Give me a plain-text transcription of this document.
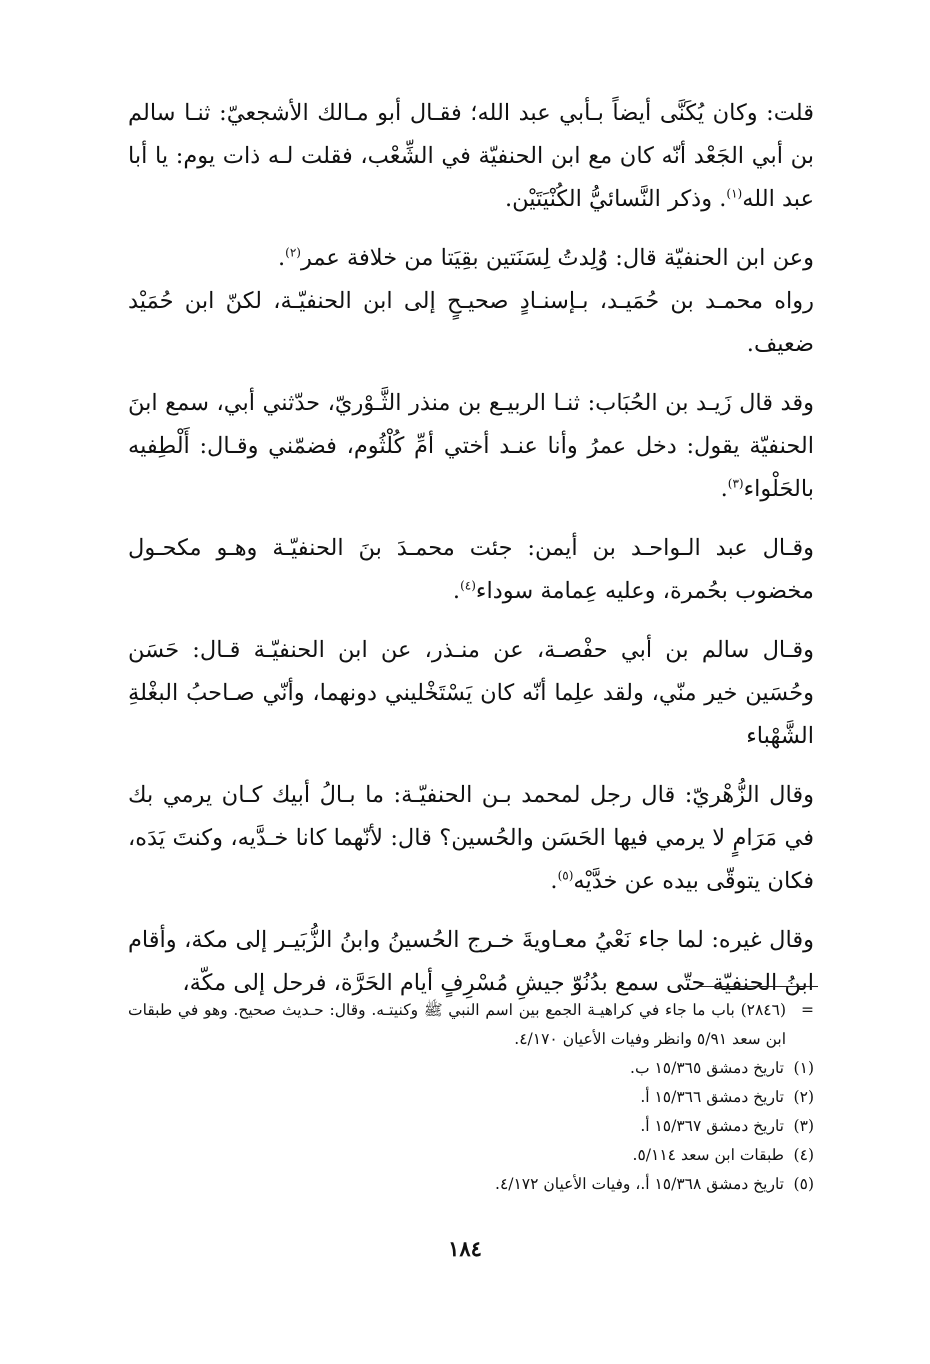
قلت: وكان يُكَنَّى أيضاً بـأبي عبد الله؛ فقـال أبو مـالك الأشجعيّ: ثنـا سالم بن أبي الجَعْد أنّه كان مع ابن الحنفيّة في الشِّعْب، فقلت لـه ذات يوم: يا أبا عبد الله$^{(١)}$. وذكر النَّسائيُّ الكُنْيَتَيْن.

وعن ابن الحنفيّة قال: وُلِدتُ لِسَنَتين بقِيَتا من خلافة عمر$^{(٢)}$.

رواه محمـد بن حُمَيـد، بـإسنـادٍ صحيـحٍ إلى ابن الحنفيّـة، لكنّ ابن حُمَيْد ضعيف.

وقد قال زَيـد بن الحُبَاب: ثنـا الربيـع بن منذر الثَّـوْريّ، حدّثني أبي، سمع ابنَ الحنفيّة يقول: دخل عمرُ وأنا عنـد أختي أمِّ كُلْثُوم، فضمّني وقـال: أَلْطِفيه بالحَلْواء$^{(٣)}$.

وقـال عبد الـواحـد بن أيمن: جئت محمـدَ بنَ الحنفيّـة وهـو مكحـول مخضوب بحُمرة، وعليه عِمامة سوداء$^{(٤)}$.

وقـال سالم بن أبي حفْصـة، عن منـذر، عن ابن الحنفيّـة قـال: حَسَن وحُسَين خير منّي، ولقد علِما أنّه كان يَسْتَخْليني دونهما، وأنّي صـاحبُ البغْلةِ الشَّهْباء

وقال الزُّهْريّ: قال رجل لمحمد بـن الحنفيّـة: ما بـالُ أبيك كـان يرمي بك في مَرَامٍ لا يرمي فيها الحَسَن والحُسين؟ قال: لأنّهما كانا خـدَّيه، وكنتَ يَدَه، فكان يتوقّى بيده عن خدَّيْه$^{(٥)}$.

وقال غيره: لما جاء نَعْيُ معـاويةَ خـرج الحُسينُ وابنُ الزُّبَيـر إلى مكة، وأقام ابنُ الحنفيّة حتّى سمع بدُنُوّ جيشِ مُسْرِفٍ أيام الحَرَّة، فرحل إلى مكّة،

=
(٢٨٤٦) باب ما جاء في كراهيـة الجمع بين اسم النبي ﷺ وكنيتـه. وقال: حـديث صحيح. وهو في طبقات ابن سعد ٥/٩١ وانظر وفيات الأعيان ٤/١٧٠.
(١)
تاريخ دمشق ١٥/٣٦٥ ب.
(٢)
تاريخ دمشق ١٥/٣٦٦ أ.
(٣)
تاريخ دمشق ١٥/٣٦٧ أ.
(٤)
طبقات ابن سعد ٥/١١٤.
(٥)
تاريخ دمشق ١٥/٣٦٨ أ.، وفيات الأعيان ٤/١٧٢.
١٨٤
